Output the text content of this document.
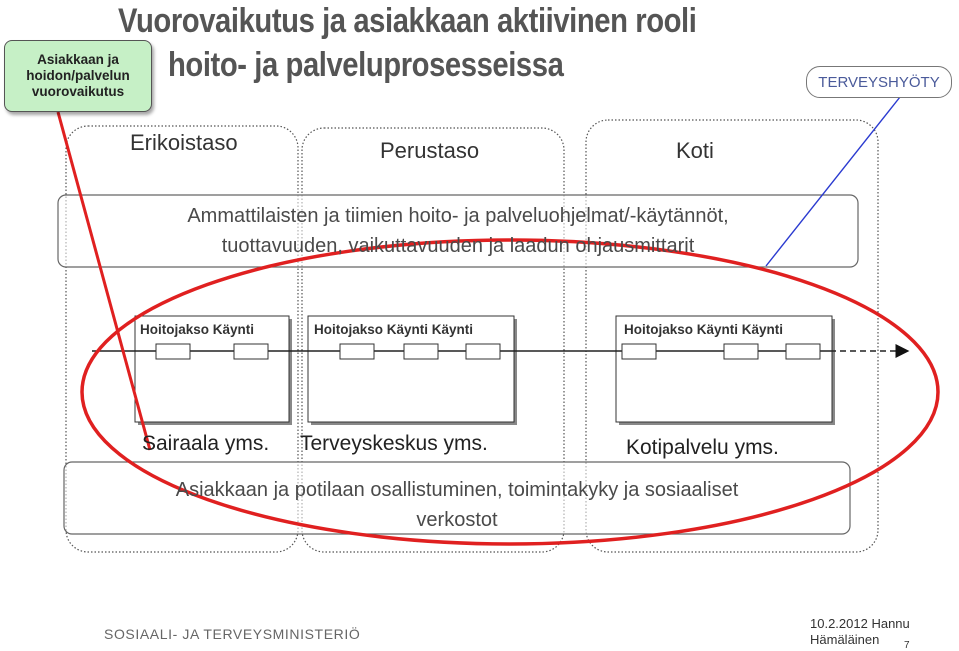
Vuorovaikutus ja asiakkaan aktiivinen rooli
hoito- ja palveluprosesseissa
Asiakkaan ja hoidon/palvelun vuorovaikutus
TERVEYSHYÖTY
Erikoistaso	Perustaso	Koti
Ammattilaisten ja tiimien hoito- ja palveluohjelmat/-käytännöt,
tuottavuuden, vaikuttavuuden ja laadun ohjausmittarit
Hoitojakso Käynti	Hoitojakso Käynti Käynti	Hoitojakso Käynti Käynti
Sairaala yms. Terveyskeskus yms.	Kotipalvelu yms.
Asiakkaan ja potilaan osallistuminen, toimintakyky ja sosiaaliset
verkostot
SOSIAALI- JA TERVEYSMINISTERIÖ
10.2.2012 Hannu
Hämäläinen	7
